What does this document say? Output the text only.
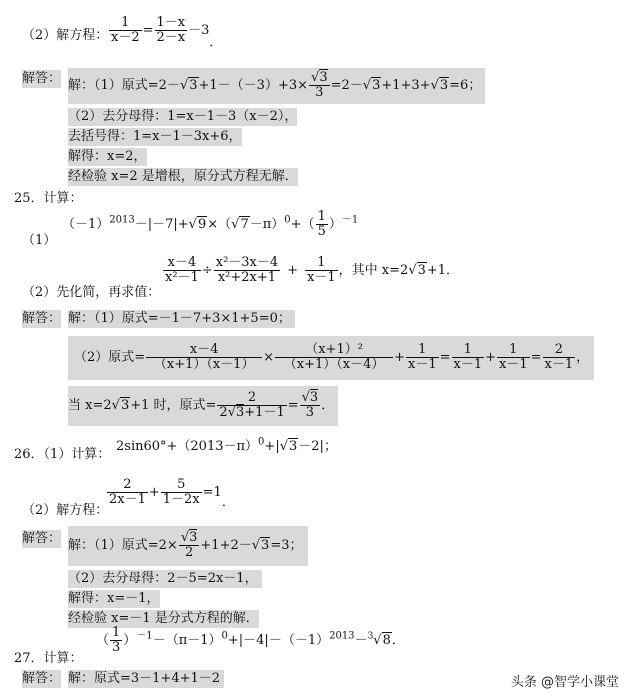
（2）解方程： $\frac{1}{x-2} = \frac{1-x}{2-x} -3$．
解答： 解：（1）原式$=2-√3+1-(-3)+3\times \frac{√3}{3} =2-√3+1+3+√3=6$；
（2）去分母得：1=x－1－3（x－2），
去括号得：1=x－1－3x+6，
解得：x=2，
经检验 x=2 是增根，原分式方程无解．
25．计算：
（1）
$(-1)^{2013}-|-7|+√9\times(√7-\pi)^0+( \frac{1}{5} )^{-1}$
（2）先化简，再求值：
$\frac{x-4}{\text{x²－1}} \div \frac{\text{x²－3x－4}}{\text{x²+2x+1}} + \frac{1}{x-1}$ ，其中 x=2√3+1．
解答： 解：（1）原式=－1－7+3×1+5=0；
（2）原式= $\frac{x-4}{(x+1)(x-1)} \times \frac{\text{（x+1）²}}{(x+1)(x-4)} + \frac{1}{x-1} = \frac{1}{x-1} + \frac{1}{x-1} = \frac{2}{x-1}$ ，
当 x=2√3+1 时，原式= $\frac{2}{2√3+1-1} = \frac{√3}{3}$ ．
26．（1）计算：
$2\sin 60^\circ+(2013-\pi)^0+|√3-2|$；
（2）解方程：
$\frac{2}{2x-1} + \frac{5}{1-2x} =1$．
解答： 解：（1）原式$=2\times \frac{√3}{2} +1+2-√3=3$；
（2）去分母得：2－5=2x－1，
解得：x=－1，
经检验 x=－1 是分式方程的解．
（ $\frac{1}{3} )^{-1}-(\pi-1)^0+|-4|-(-1)^{2013}-^3√8$．
27．计算：
解答： 解：原式=3－1+4+1－2	头条 @智学小课堂
